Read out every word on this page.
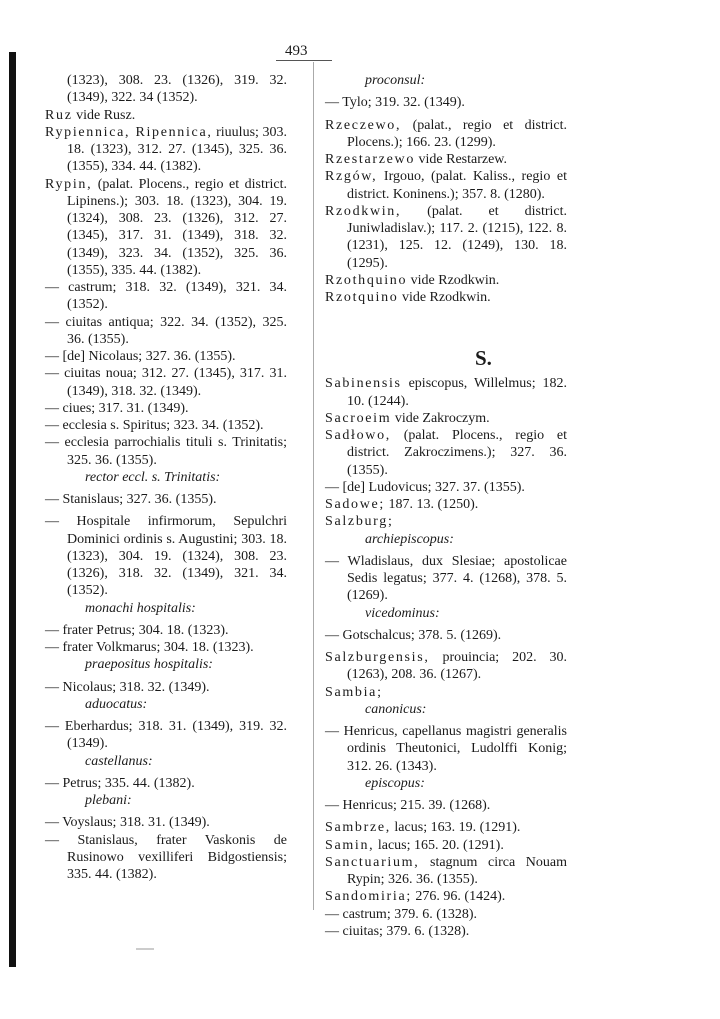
493

(1323), 308. 23. (1326), 319. 32. (1349), 322. 34 (1352).

Ruz vide Rusz.

Rypiennica, Ripennica, riuulus; 303. 18. (1323), 312. 27. (1345), 325. 36. (1355), 334. 44. (1382).

Rypin, (palat. Plocens., regio et district. Lipinens.); 303. 18. (1323), 304. 19. (1324), 308. 23. (1326), 312. 27. (1345), 317. 31. (1349), 318. 32. (1349), 323. 34. (1352), 325. 36. (1355), 335. 44. (1382).

— castrum; 318. 32. (1349), 321. 34. (1352).

— ciuitas antiqua; 322. 34. (1352), 325. 36. (1355).

— [de] Nicolaus; 327. 36. (1355).

— ciuitas noua; 312. 27. (1345), 317. 31. (1349), 318. 32. (1349).

— ciues; 317. 31. (1349).

— ecclesia s. Spiritus; 323. 34. (1352).

— ecclesia parrochialis tituli s. Trinitatis; 325. 36. (1355).

rector eccl. s. Trinitatis:

— Stanislaus; 327. 36. (1355).

— Hospitale infirmorum, Sepulchri Dominici ordinis s. Augustini; 303. 18. (1323), 304. 19. (1324), 308. 23. (1326), 318. 32. (1349), 321. 34. (1352).

monachi hospitalis:

— frater Petrus; 304. 18. (1323).

— frater Volkmarus; 304. 18. (1323).

praepositus hospitalis:

— Nicolaus; 318. 32. (1349).

aduocatus:

— Eberhardus; 318. 31. (1349), 319. 32. (1349).

castellanus:

— Petrus; 335. 44. (1382).

plebani:

— Voyslaus; 318. 31. (1349).

— Stanislaus, frater Vaskonis de Rusinowo vexilliferi Bidgostiensis; 335. 44. (1382).

proconsul:

— Tylo; 319. 32. (1349).

Rzeczewo, (palat., regio et district. Plocens.); 166. 23. (1299).

Rzestarzewo vide Restarzew.

Rzgów, Irgouo, (palat. Kaliss., regio et district. Koninens.); 357. 8. (1280).

Rzodkwin, (palat. et district. Juniwladislav.); 117. 2. (1215), 122. 8. (1231), 125. 12. (1249), 130. 18. (1295).

Rzothquino vide Rzodkwin.

Rzotquino vide Rzodkwin.

S.

Sabinensis episcopus, Willelmus; 182. 10. (1244).

Sacroeim vide Zakroczym.

Sadłowo, (palat. Plocens., regio et district. Zakroczimens.); 327. 36. (1355).

— [de] Ludovicus; 327. 37. (1355).

Sadowe; 187. 13. (1250).

Salzburg;

archiepiscopus:

— Wladislaus, dux Slesiae; apostolicae Sedis legatus; 377. 4. (1268), 378. 5. (1269).

vicedominus:

— Gotschalcus; 378. 5. (1269).

Salzburgensis, prouincia; 202. 30. (1263), 208. 36. (1267).

Sambia;

canonicus:

— Henricus, capellanus magistri generalis ordinis Theutonici, Ludolffi Konig; 312. 26. (1343).

episcopus:

— Henricus; 215. 39. (1268).

Sambrze, lacus; 163. 19. (1291).

Samin, lacus; 165. 20. (1291).

Sanctuarium, stagnum circa Nouam Rypin; 326. 36. (1355).

Sandomiria; 276. 96. (1424).

— castrum; 379. 6. (1328).

— ciuitas; 379. 6. (1328).
